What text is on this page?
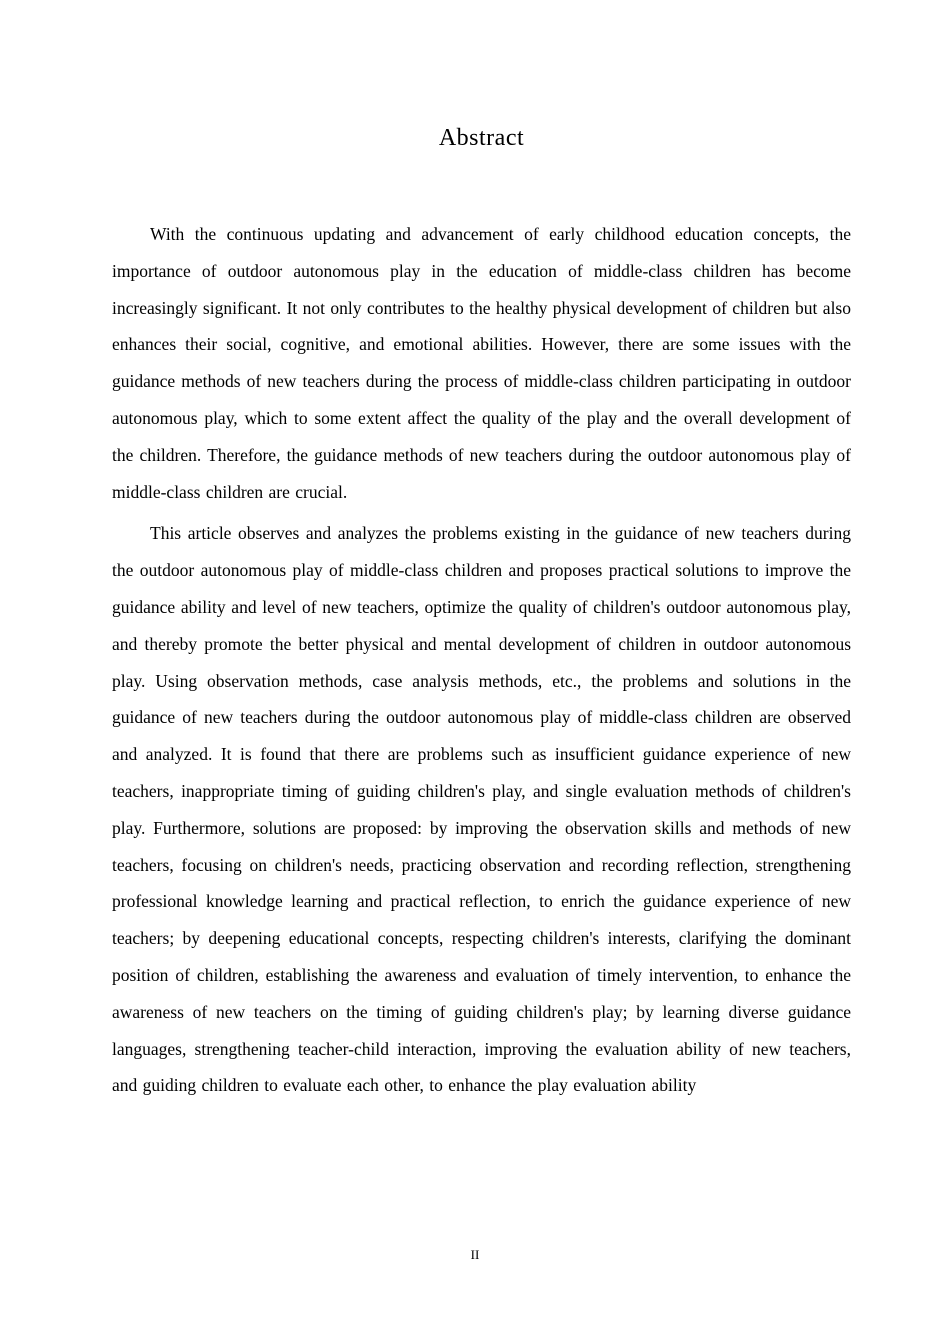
Abstract

With the continuous updating and advancement of early childhood education concepts, the importance of outdoor autonomous play in the education of middle-class children has become increasingly significant. It not only contributes to the healthy physical development of children but also enhances their social, cognitive, and emotional abilities. However, there are some issues with the guidance methods of new teachers during the process of middle-class children participating in outdoor autonomous play, which to some extent affect the quality of the play and the overall development of the children. Therefore, the guidance methods of new teachers during the outdoor autonomous play of middle-class children are crucial.

This article observes and analyzes the problems existing in the guidance of new teachers during the outdoor autonomous play of middle-class children and proposes practical solutions to improve the guidance ability and level of new teachers, optimize the quality of children's outdoor autonomous play, and thereby promote the better physical and mental development of children in outdoor autonomous play. Using observation methods, case analysis methods, etc., the problems and solutions in the guidance of new teachers during the outdoor autonomous play of middle-class children are observed and analyzed. It is found that there are problems such as insufficient guidance experience of new teachers, inappropriate timing of guiding children's play, and single evaluation methods of children's play. Furthermore, solutions are proposed: by improving the observation skills and methods of new teachers, focusing on children's needs, practicing observation and recording reflection, strengthening professional knowledge learning and practical reflection, to enrich the guidance experience of new teachers; by deepening educational concepts, respecting children's interests, clarifying the dominant position of children, establishing the awareness and evaluation of timely intervention, to enhance the awareness of new teachers on the timing of guiding children's play; by learning diverse guidance languages, strengthening teacher-child interaction, improving the evaluation ability of new teachers, and guiding children to evaluate each other, to enhance the play evaluation ability

II
